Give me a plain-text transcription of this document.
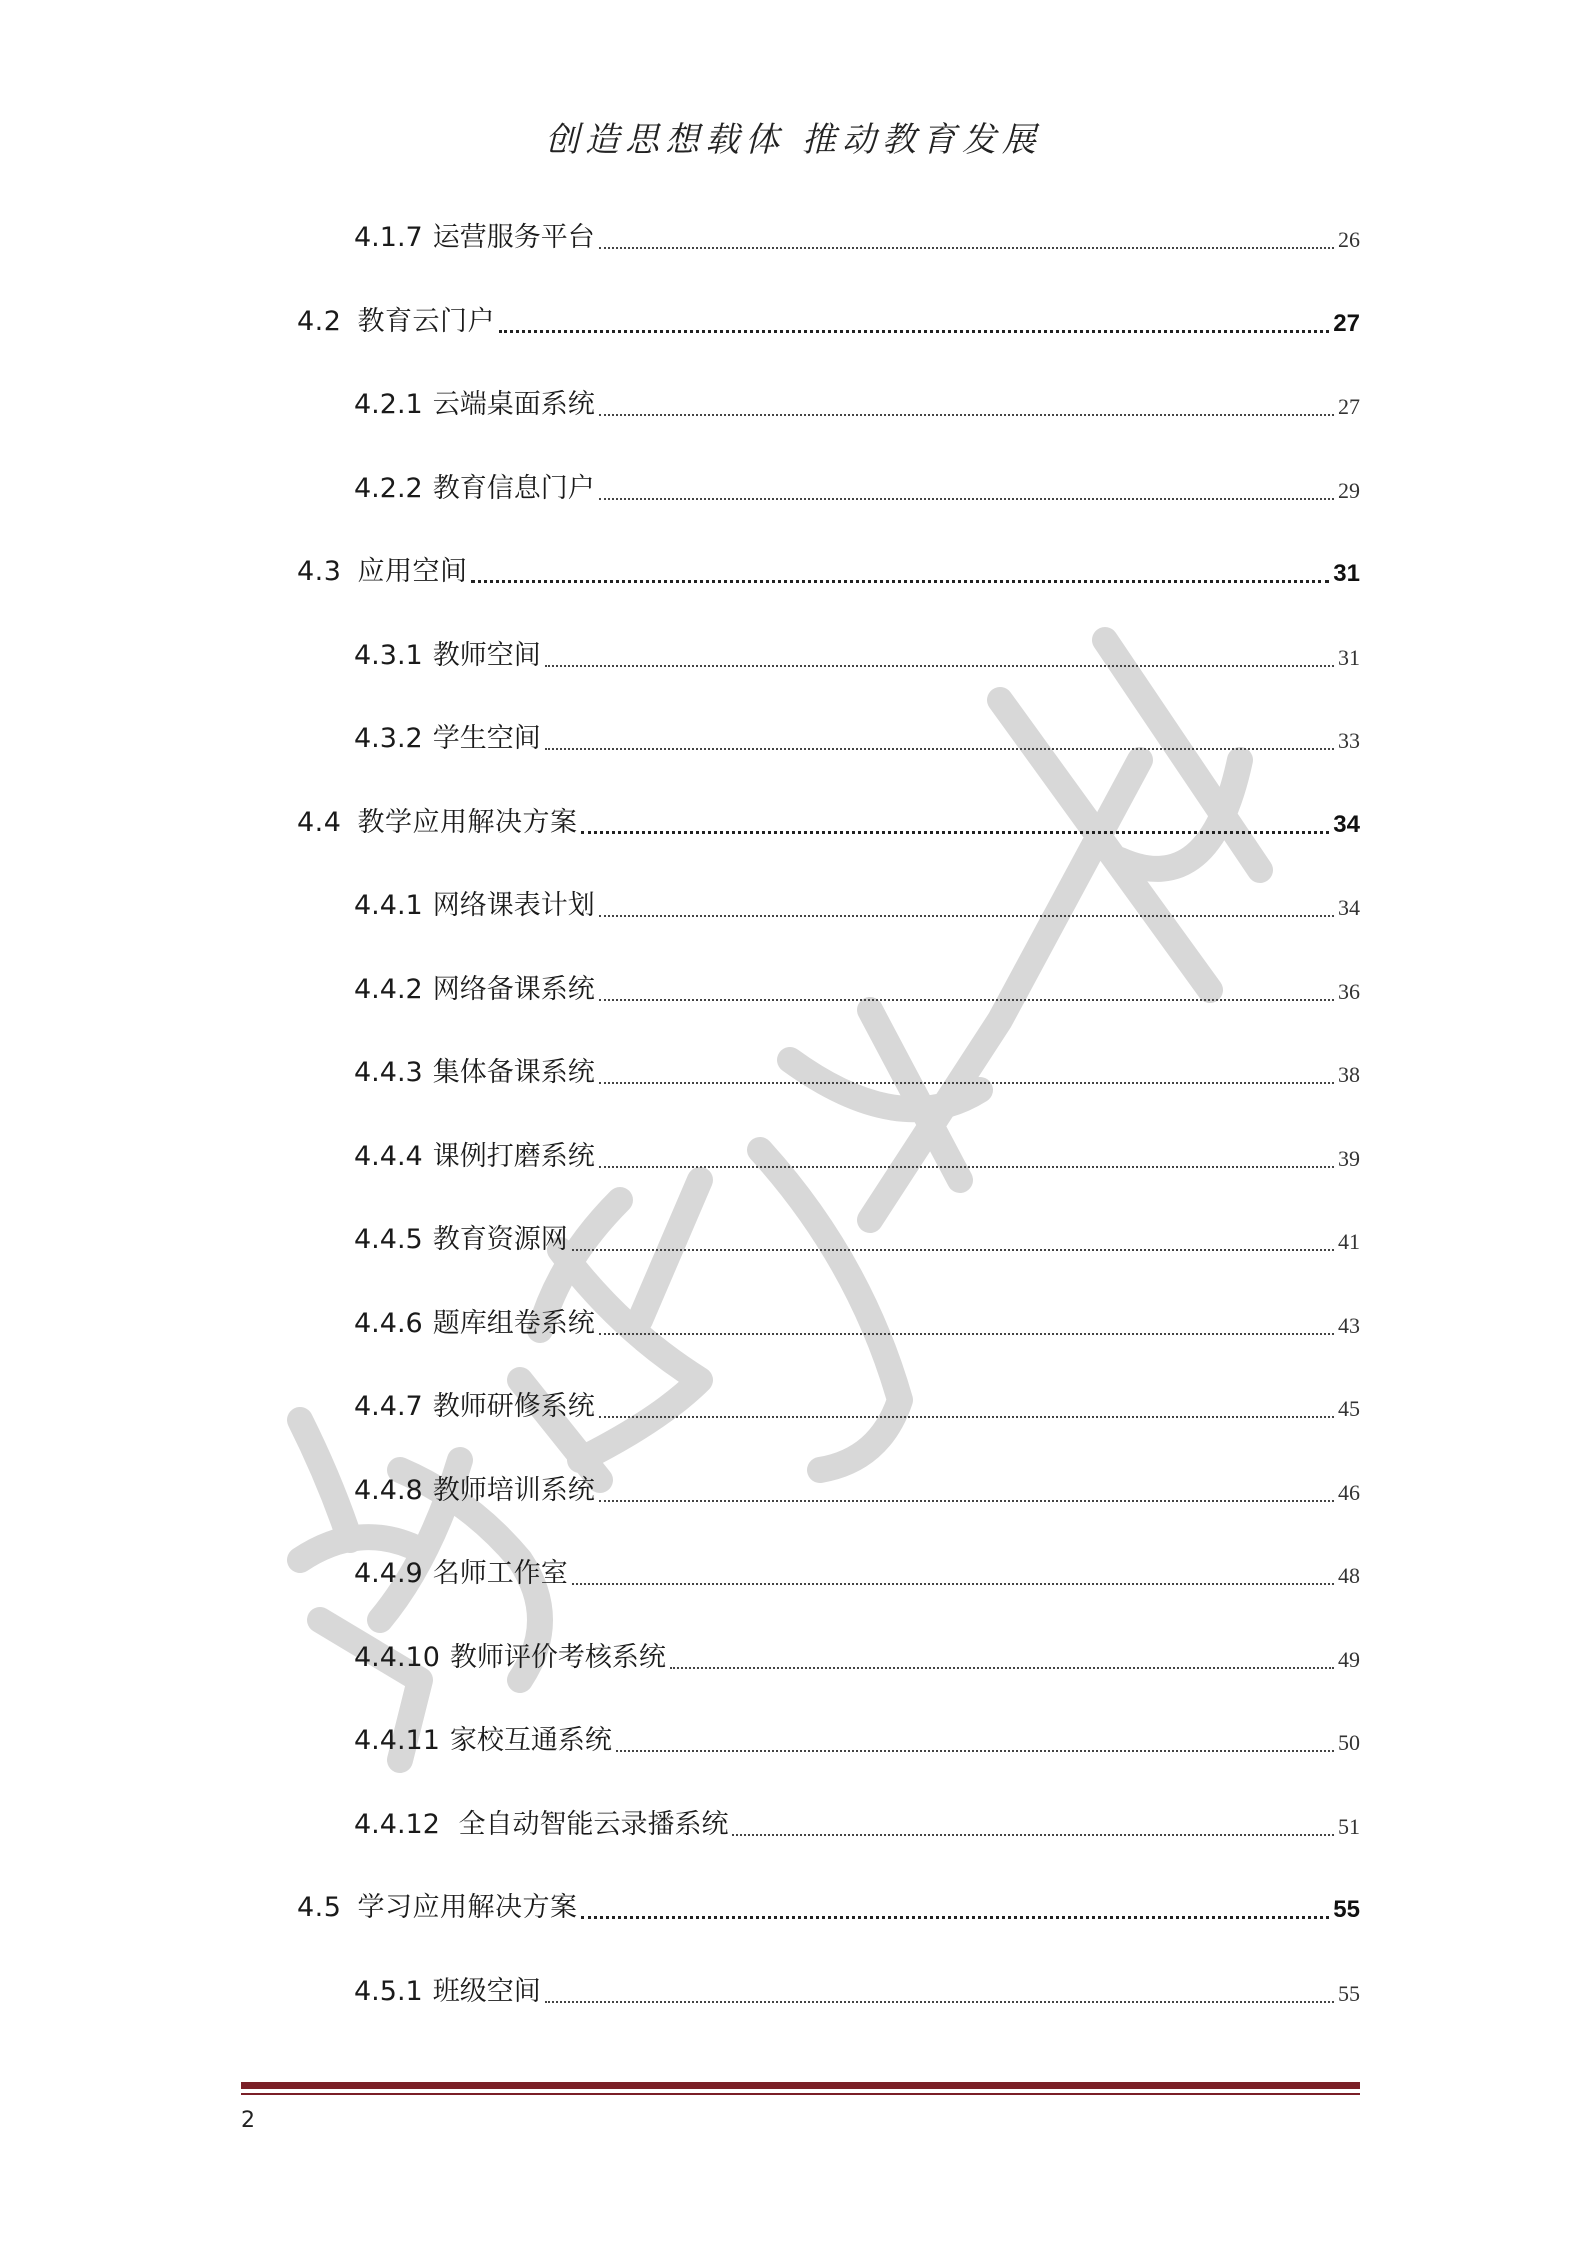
智囊天下
创造思想载体 推动教育发展
4.1.7 运营服务平台	26
4.2 教育云门户	27
4.2.1 云端桌面系统	27
4.2.2 教育信息门户	29
4.3 应用空间	31
4.3.1 教师空间	31
4.3.2 学生空间	33
4.4 教学应用解决方案	34
4.4.1 网络课表计划	34
4.4.2 网络备课系统	36
4.4.3 集体备课系统	38
4.4.4 课例打磨系统	39
4.4.5 教育资源网	41
4.4.6 题库组卷系统	43
4.4.7 教师研修系统	45
4.4.8 教师培训系统	46
4.4.9 名师工作室	48
4.4.10 教师评价考核系统	49
4.4.11 家校互通系统	50
4.4.12 全自动智能云录播系统	51
4.5 学习应用解决方案	55
4.5.1 班级空间	55
2
